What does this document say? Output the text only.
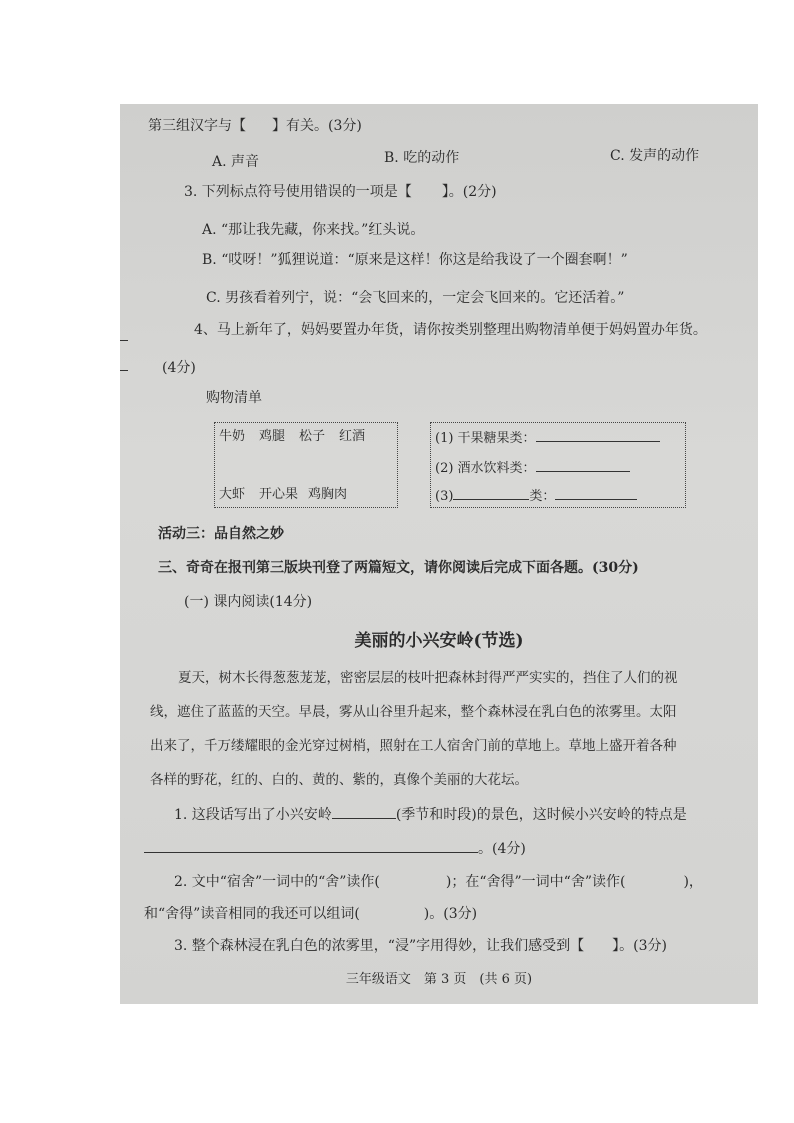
第三组汉字与【 】有关。(3分)
A. 声音	B. 吃的动作	C. 发声的动作
3. 下列标点符号使用错误的一项是【 】。(2分)
A. “那让我先藏，你来找。”红头说。
B. “哎呀！”狐狸说道：“原来是这样！你这是给我设了一个圈套啊！”
C. 男孩看着列宁，说：“会飞回来的，一定会飞回来的。它还活着。”
4、马上新年了，妈妈要置办年货，请你按类别整理出购物清单便于妈妈置办年货。
(4分)
购物清单
牛奶 鸡腿 松子 红酒
大虾 开心果 鸡胸肉
(1) 干果糖果类：
(2) 酒水饮料类：
(3)	类：
活动三：品自然之妙
三、奇奇在报刊第三版块刊登了两篇短文，请你阅读后完成下面各题。(30分)
(一) 课内阅读(14分)
美丽的小兴安岭(节选)
夏天，树木长得葱葱茏茏，密密层层的枝叶把森林封得严严实实的，挡住了人们的视
线，遮住了蓝蓝的天空。早晨，雾从山谷里升起来，整个森林浸在乳白色的浓雾里。太阳
出来了，千万缕耀眼的金光穿过树梢，照射在工人宿舍门前的草地上。草地上盛开着各种
各样的野花，红的、白的、黄的、紫的，真像个美丽的大花坛。
1. 这段话写出了小兴安岭	(季节和时段)的景色，这时候小兴安岭的特点是
。(4分)
2. 文中“宿舍”一词中的“舍”读作(	)；在“舍得”一词中“舍”读作(	)，
和“舍得”读音相同的我还可以组词(	)。(3分)
3. 整个森林浸在乳白色的浓雾里，“浸”字用得妙，让我们感受到【 】。(3分)
三年级语文　第 3 页　(共 6 页)
